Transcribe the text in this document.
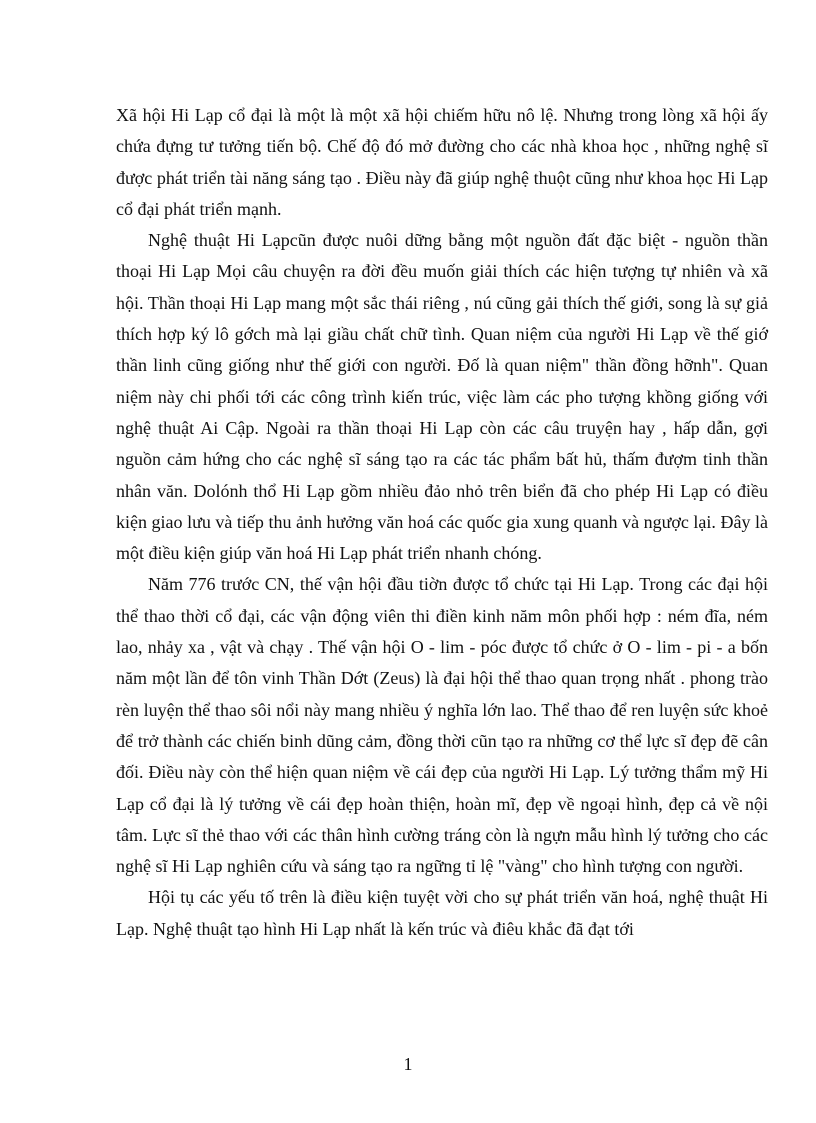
Xã hội Hi Lạp cổ đại là một là một xã hội chiếm hữu nô lệ. Nhưng trong lòng xã hội ấy chứa đựng tư tưởng tiến bộ. Chế độ đó mở đường cho các nhà khoa học , những nghệ sĩ được phát triển tài năng sáng tạo . Điều này đã giúp nghệ thuột cũng như khoa học Hi Lạp cổ đại phát triển mạnh.

Nghệ thuật Hi Lạpcũn được nuôi dững bằng một nguồn đất đặc biệt - nguồn thần thoại Hi Lạp Mọi câu chuyện ra đời đều muốn giải thích các hiện tượng tự nhiên và xã hội. Thần thoại Hi Lạp mang một sắc thái riêng , nú cũng gải thích thế giới, song là sự giả thích hợp ký lô gớch mà lại giầu chất chữ tình. Quan niệm của người Hi Lạp về thế giớ thần linh cũng giống như thế giới con người. Đố là quan niệm" thần đồng hỡnh". Quan niệm này chi phối tới các công trình kiến trúc, việc làm các pho tượng khồng giống với nghệ thuật Ai Cập. Ngoài ra thần thoại Hi Lạp còn các câu truyện hay , hấp dẫn, gợi nguồn cảm hứng cho các nghệ sĩ sáng tạo ra các tác phẩm bất hủ, thấm đượm tinh thần nhân văn. Dolónh thổ Hi Lạp gồm nhiều đảo nhỏ trên biển đã cho phép Hi Lạp có điều kiện giao lưu và tiếp thu ảnh hưởng văn hoá các quốc gia xung quanh và ngược lại. Đây là một điều kiện giúp văn hoá Hi Lạp phát triển nhanh chóng.

Năm 776 trước CN, thế vận hội đầu tiờn được tổ chức tại Hi Lạp. Trong các đại hội thể thao thời cổ đại, các vận động viên thi điền kinh năm môn phối hợp : ném đĩa, ném lao, nhảy xa , vật và chạy . Thế vận hội O - lim - póc được tổ chức ở O - lim - pi - a bốn năm một lần để tôn vinh Thần Dớt (Zeus) là đại hội thể thao quan trọng nhất . phong trào rèn luyện thể thao sôi nổi này mang nhiều ý nghĩa lớn lao. Thể thao để ren luyện sức khoẻ để trở thành các chiến binh dũng cảm, đồng thời cũn tạo ra những cơ thể lực sĩ đẹp đẽ cân đối. Điều này còn thể hiện quan niệm về cái đẹp của người Hi Lạp. Lý tưởng thẩm mỹ Hi Lạp cổ đại là lý tưởng về cái đẹp hoàn thiện, hoàn mĩ, đẹp về ngoại hình, đẹp cả về nội tâm. Lực sĩ thẻ thao với các thân hình cường tráng còn là ngựn mẫu hình lý tưởng cho các nghệ sĩ Hi Lạp nghiên cứu và sáng tạo ra ngững tỉ lệ "vàng" cho hình tượng con người.

Hội tụ các yếu tố trên là điều kiện tuyệt vời cho sự phát triển văn hoá, nghệ thuật Hi Lạp. Nghệ thuật tạo hình Hi Lạp nhất là kến trúc và điêu khắc đã đạt tới

1
